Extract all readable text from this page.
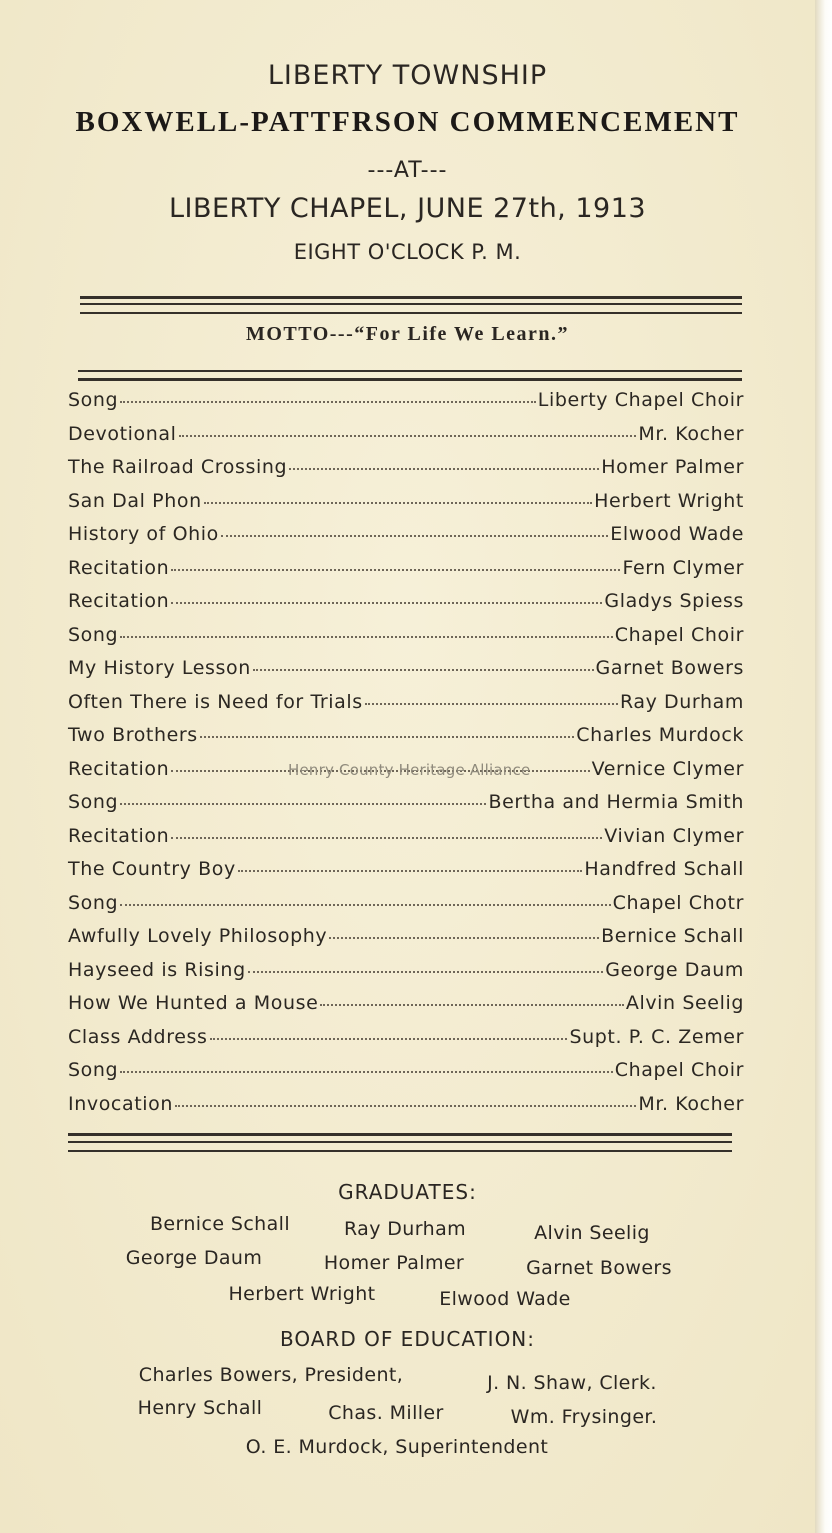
LIBERTY TOWNSHIP
BOXWELL-PATTFRSON COMMENCEMENT
---AT---
LIBERTY CHAPEL, JUNE 27th, 1913
EIGHT O'CLOCK P. M.
MOTTO---“For Life We Learn.”
Song	Liberty Chapel Choir
Devotional	Mr. Kocher
The Railroad Crossing	Homer Palmer
San Dal Phon	Herbert Wright
History of Ohio	Elwood Wade
Recitation	Fern Clymer
Recitation	Gladys Spiess
Song	Chapel Choir
My History Lesson	Garnet Bowers
Often There is Need for Trials	Ray Durham
Two Brothers	Charles Murdock
Recitation	Vernice Clymer
Song	Bertha and Hermia Smith
Recitation	Vivian Clymer
The Country Boy	Handfred Schall
Song	Chapel Chotr
Awfully Lovely Philosophy	Bernice Schall
Hayseed is Rising	George Daum
How We Hunted a Mouse	Alvin Seelig
Class Address	Supt. P. C. Zemer
Song	Chapel Choir
Invocation	Mr. Kocher
Henry County Heritage Alliance
GRADUATES:
Bernice Schall	Ray Durham	Alvin Seelig
George Daum	Homer Palmer	Garnet Bowers
Herbert Wright	Elwood Wade
BOARD OF EDUCATION:
Charles Bowers, President,	J. N. Shaw, Clerk.
Henry Schall	Chas. Miller	Wm. Frysinger.
O. E. Murdock, Superintendent
